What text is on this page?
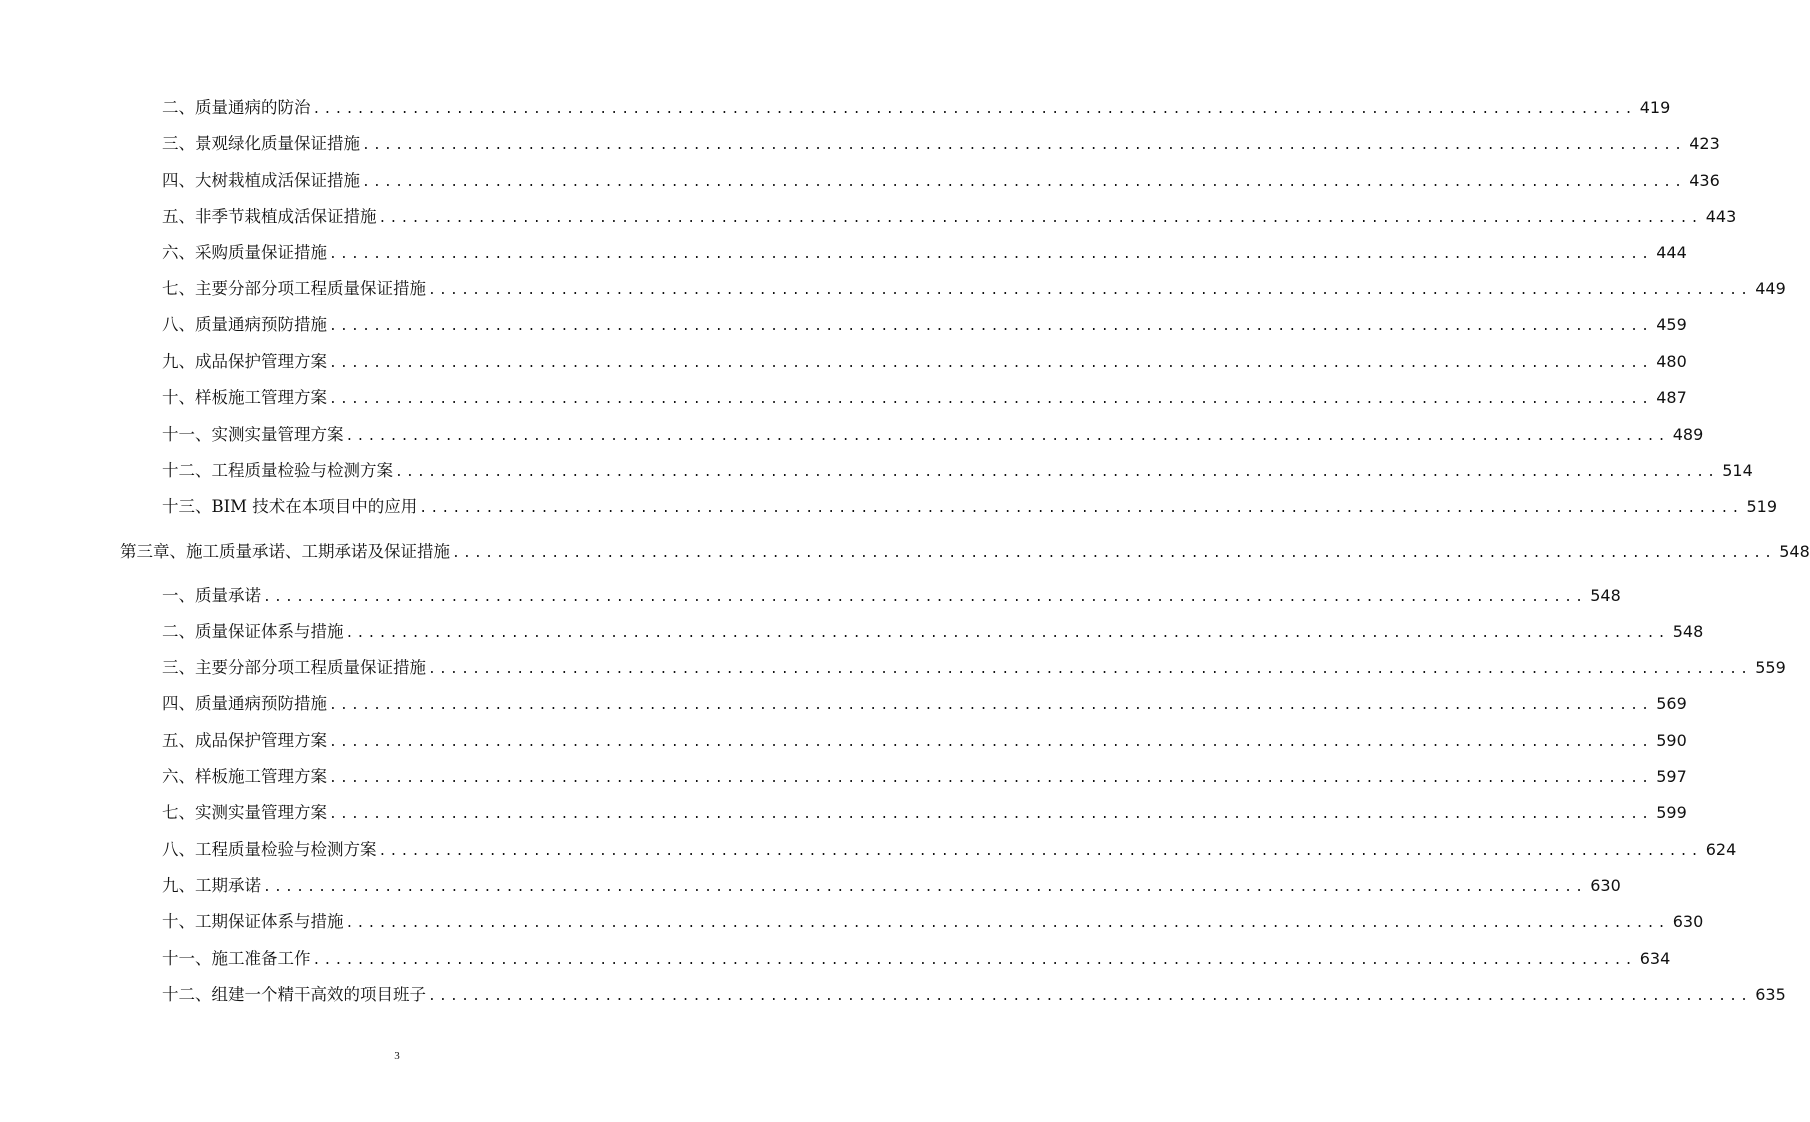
二、质量通病的防治 ........................................................................................................................ 419
三、景观绿化质量保证措施 ........................................................................................................................ 423
四、大树栽植成活保证措施 ........................................................................................................................ 436
五、非季节栽植成活保证措施 ........................................................................................................................ 443
六、采购质量保证措施 ........................................................................................................................ 444
七、主要分部分项工程质量保证措施 ........................................................................................................................ 449
八、质量通病预防措施 ........................................................................................................................ 459
九、成品保护管理方案 ........................................................................................................................ 480
十、样板施工管理方案 ........................................................................................................................ 487
十一、实测实量管理方案 ........................................................................................................................ 489
十二、工程质量检验与检测方案 ........................................................................................................................ 514
十三、BIM 技术在本项目中的应用 ........................................................................................................................ 519
第三章、施工质量承诺、工期承诺及保证措施 ........................................................................................................................ 548
一、质量承诺 ........................................................................................................................ 548
二、质量保证体系与措施 ........................................................................................................................ 548
三、主要分部分项工程质量保证措施 ........................................................................................................................ 559
四、质量通病预防措施 ........................................................................................................................ 569
五、成品保护管理方案 ........................................................................................................................ 590
六、样板施工管理方案 ........................................................................................................................ 597
七、实测实量管理方案 ........................................................................................................................ 599
八、工程质量检验与检测方案 ........................................................................................................................ 624
九、工期承诺 ........................................................................................................................ 630
十、工期保证体系与措施 ........................................................................................................................ 630
十一、施工准备工作 ........................................................................................................................ 634
十二、组建一个精干高效的项目班子 ........................................................................................................................ 635
3
